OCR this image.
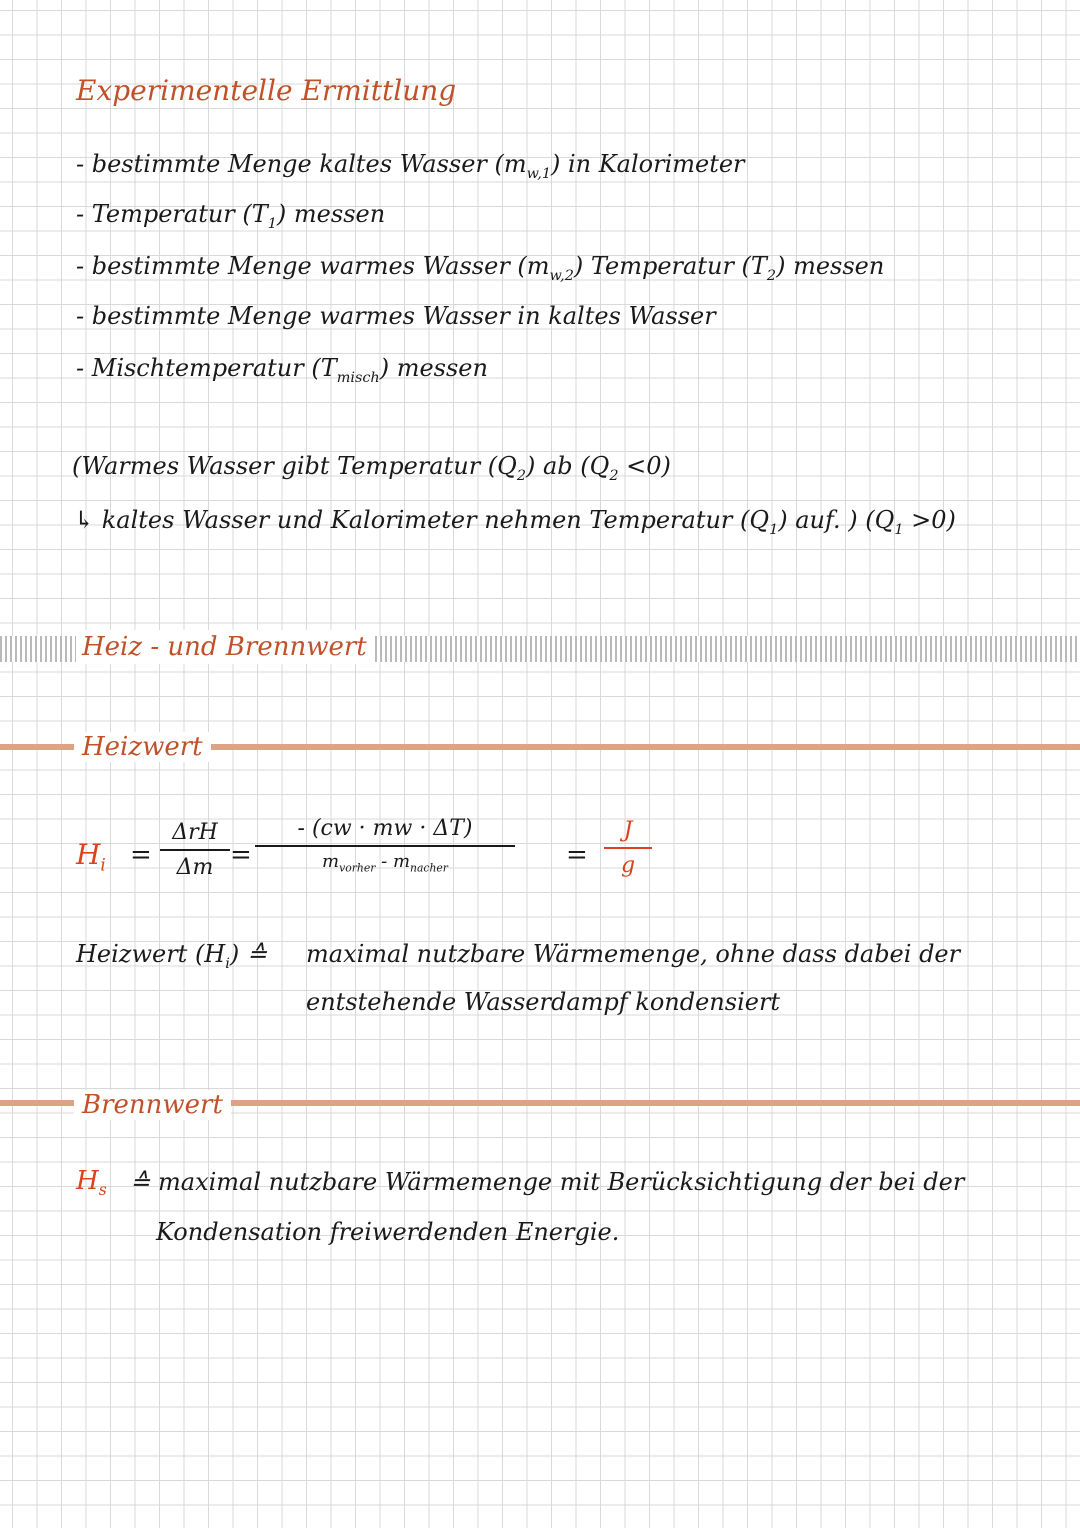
Experimentelle Ermittlung
- bestimmte Menge kaltes Wasser $(m_{w,1})$ in Kalorimeter
- Temperatur $(T_1)$ messen
- bestimmte Menge warmes Wasser $(m_{w,2})$ Temperatur $(T_2)$ messen
- bestimmte Menge warmes Wasser in kaltes Wasser
- Mischtemperatur $(T_{misch})$ messen
(Warmes Wasser gibt Temperatur $(Q_2)$ ab $(Q_2 <0)$
↳ kaltes Wasser und Kalorimeter nehmen Temperatur $(Q_1)$ auf. ) $(Q_1 >0)$
Heiz - und Brennwert
Heizwert
$H_i$ =
ΔrH
Δm =
- (cw · mw · ΔT)
$m_{vorher} - m_{nacher}$	=
J
g
Heizwert $(H_i)$ ≙ maximal nutzbare Wärmemenge, ohne dass dabei der
entstehende Wasserdampf kondensiert
Brennwert
$H_s$ ≙ maximal nutzbare Wärmemenge mit Berücksichtigung der bei der
Kondensation freiwerdenden Energie.
